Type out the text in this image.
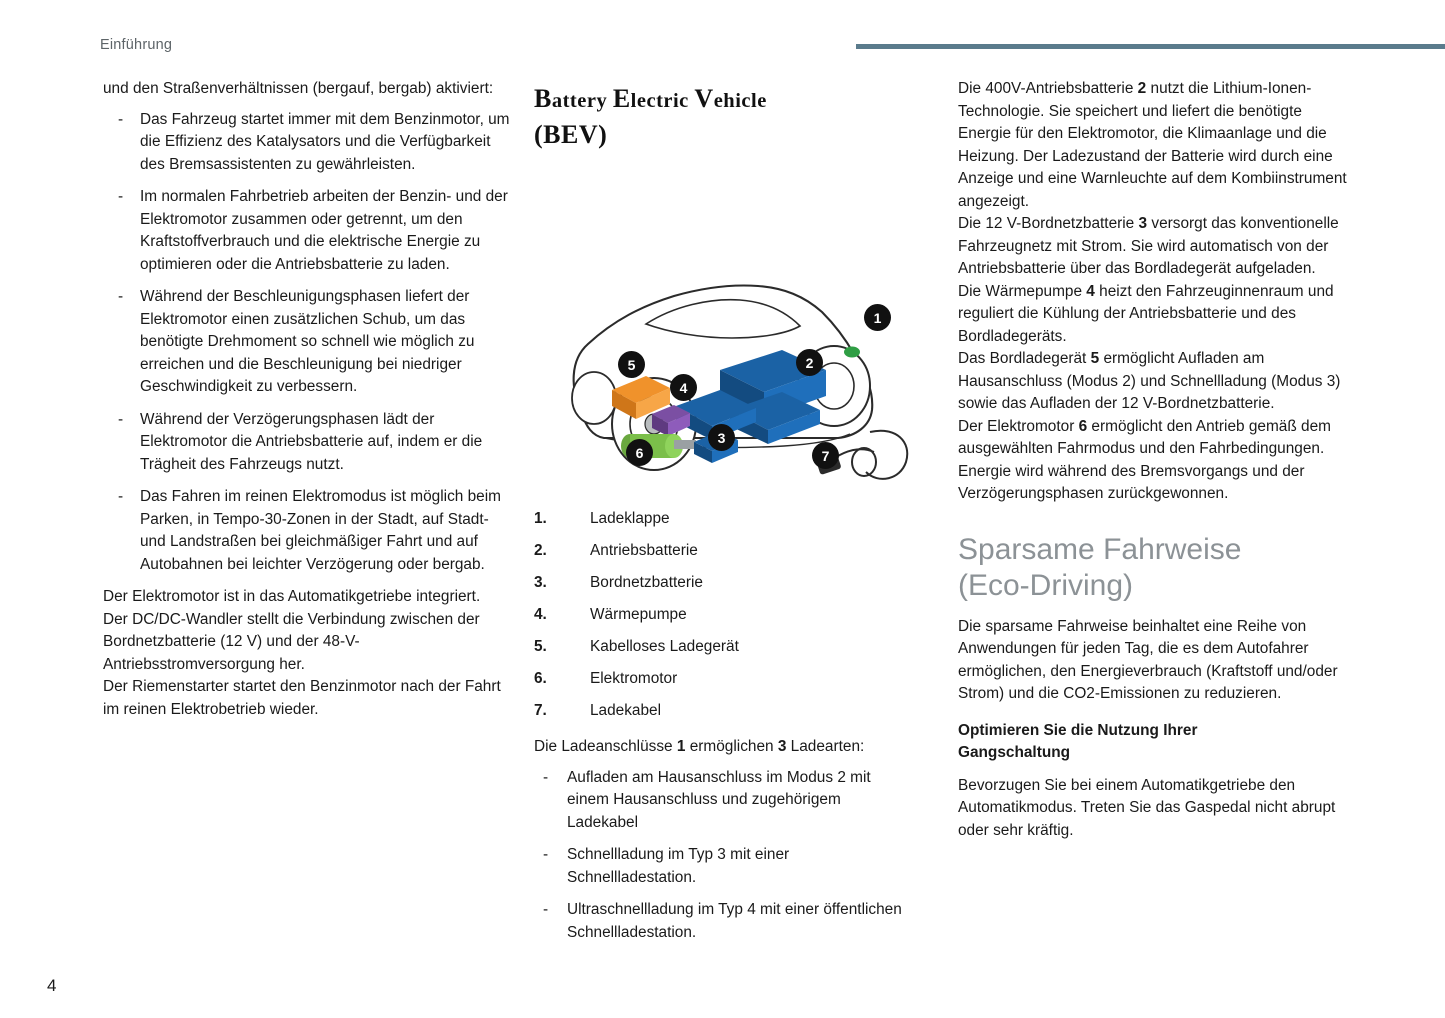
Einführung

und den Straßenverhältnissen (bergauf, bergab) aktiviert:

- Das Fahrzeug startet immer mit dem Benzinmotor, um die Effizienz des Katalysators und die Verfügbarkeit des Bremsassistenten zu gewährleisten.
- Im normalen Fahrbetrieb arbeiten der Benzin- und der Elektromotor zusammen oder getrennt, um den Kraftstoffverbrauch und die elektrische Energie zu optimieren oder die Antriebsbatterie zu laden.
- Während der Beschleunigungsphasen liefert der Elektromotor einen zusätzlichen Schub, um das benötigte Drehmoment so schnell wie möglich zu erreichen und die Beschleunigung bei niedriger Geschwindigkeit zu verbessern.
- Während der Verzögerungsphasen lädt der Elektromotor die Antriebsbatterie auf, indem er die Trägheit des Fahrzeugs nutzt.
- Das Fahren im reinen Elektromodus ist möglich beim Parken, in Tempo-30-Zonen in der Stadt, auf Stadt- und Landstraßen bei gleichmäßiger Fahrt und auf Autobahnen bei leichter Verzögerung oder bergab.

Der Elektromotor ist in das Automatikgetriebe integriert.

Der DC/DC-Wandler stellt die Verbindung zwischen der Bordnetzbatterie (12 V) und der 48-V-Antriebsstromversorgung her.

Der Riemenstarter startet den Benzinmotor nach der Fahrt im reinen Elektrobetrieb wieder.

Battery Electric Vehicle
(BEV)
1
2
3
4
5
6	7
1.	Ladeklappe
2.	Antriebsbatterie
3.	Bordnetzbatterie
4.	Wärmepumpe
5.	Kabelloses Ladegerät
6.	Elektromotor
7.	Ladekabel

Die Ladeanschlüsse 1 ermöglichen 3 Ladearten:

- Aufladen am Hausanschluss im Modus 2 mit einem Hausanschluss und zugehörigem Ladekabel
- Schnellladung im Typ 3 mit einer Schnellladestation.
- Ultraschnellladung im Typ 4 mit einer öffentlichen Schnellladestation.

Die 400V-Antriebsbatterie 2 nutzt die Lithium-Ionen-Technologie. Sie speichert und liefert die benötigte Energie für den Elektromotor, die Klimaanlage und die Heizung. Der Ladezustand der Batterie wird durch eine Anzeige und eine Warnleuchte auf dem Kombiinstrument angezeigt.

Die 12 V-Bordnetzbatterie 3 versorgt das konventionelle Fahrzeugnetz mit Strom. Sie wird automatisch von der Antriebsbatterie über das Bordladegerät aufgeladen.

Die Wärmepumpe 4 heizt den Fahrzeuginnenraum und reguliert die Kühlung der Antriebsbatterie und des Bordladegeräts.

Das Bordladegerät 5 ermöglicht Aufladen am Hausanschluss (Modus 2) und Schnellladung (Modus 3) sowie das Aufladen der 12 V-Bordnetzbatterie.

Der Elektromotor 6 ermöglicht den Antrieb gemäß dem ausgewählten Fahrmodus und den Fahrbedingungen. Energie wird während des Bremsvorgangs und der Verzögerungsphasen zurückgewonnen.

Sparsame Fahrweise
(Eco-Driving)

Die sparsame Fahrweise beinhaltet eine Reihe von Anwendungen für jeden Tag, die es dem Autofahrer ermöglichen, den Energieverbrauch (Kraftstoff und/oder Strom) und die CO2-Emissionen zu reduzieren.

Optimieren Sie die Nutzung Ihrer
Gangschaltung

Bevorzugen Sie bei einem Automatikgetriebe den Automatikmodus. Treten Sie das Gaspedal nicht abrupt oder sehr kräftig.

4
